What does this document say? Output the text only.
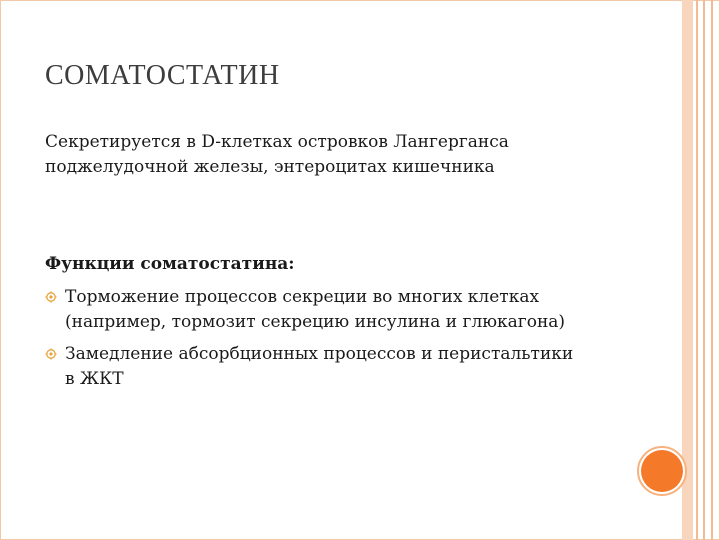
СОМАТОСТАТИН
Секретируется в D-клетках островков Лангерганса
поджелудочной железы, энтероцитах кишечника
Функции соматостатина:
Торможение процессов секреции во многих клетках
(например, тормозит секрецию инсулина и глюкагона)
Замедление абсорбционных процессов и перистальтики
в ЖКТ
